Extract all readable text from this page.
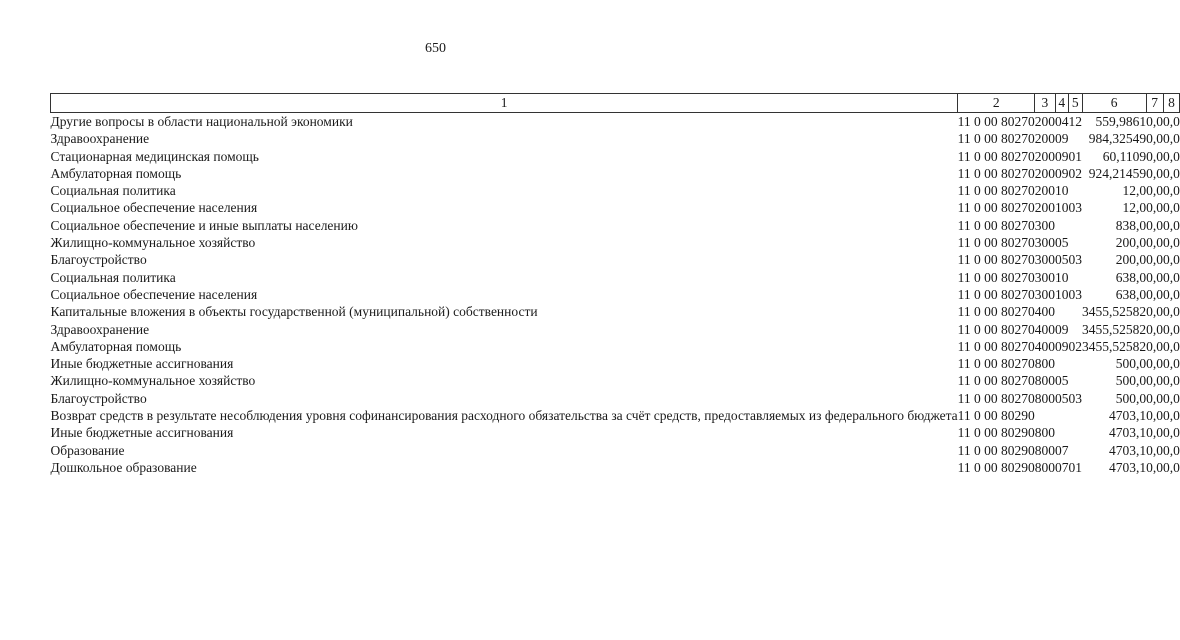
650
1	2	3	4	5	6	7	8
Другие вопросы в области национальной экономики	11 0 00 80270	200	04	12	559,9861	0,0	0,0
Здравоохранение	11 0 00 80270	200	09		984,32549	0,0	0,0
Стационарная медицинская помощь	11 0 00 80270	200	09	01	60,1109	0,0	0,0
Амбулаторная помощь	11 0 00 80270	200	09	02	924,21459	0,0	0,0
Социальная политика	11 0 00 80270	200	10		12,0	0,0	0,0
Социальное обеспечение населения	11 0 00 80270	200	10	03	12,0	0,0	0,0
Социальное обеспечение и иные выплаты населению	11 0 00 80270	300			838,0	0,0	0,0
Жилищно-коммунальное хозяйство	11 0 00 80270	300	05		200,0	0,0	0,0
Благоустройство	11 0 00 80270	300	05	03	200,0	0,0	0,0
Социальная политика	11 0 00 80270	300	10		638,0	0,0	0,0
Социальное обеспечение населения	11 0 00 80270	300	10	03	638,0	0,0	0,0
Капитальные вложения в объекты государственной (муниципальной) собственности	11 0 00 80270	400			3455,52582	0,0	0,0
Здравоохранение	11 0 00 80270	400	09		3455,52582	0,0	0,0
Амбулаторная помощь	11 0 00 80270	400	09	02	3455,52582	0,0	0,0
Иные бюджетные ассигнования	11 0 00 80270	800			500,0	0,0	0,0
Жилищно-коммунальное хозяйство	11 0 00 80270	800	05		500,0	0,0	0,0
Благоустройство	11 0 00 80270	800	05	03	500,0	0,0	0,0
Возврат средств в результате несоблюдения уровня софинансирования расходного обязательства за счёт средств, предоставляемых из федерального бюджета	11 0 00 80290				4703,1	0,0	0,0
Иные бюджетные ассигнования	11 0 00 80290	800			4703,1	0,0	0,0
Образование	11 0 00 80290	800	07		4703,1	0,0	0,0
Дошкольное образование	11 0 00 80290	800	07	01	4703,1	0,0	0,0
